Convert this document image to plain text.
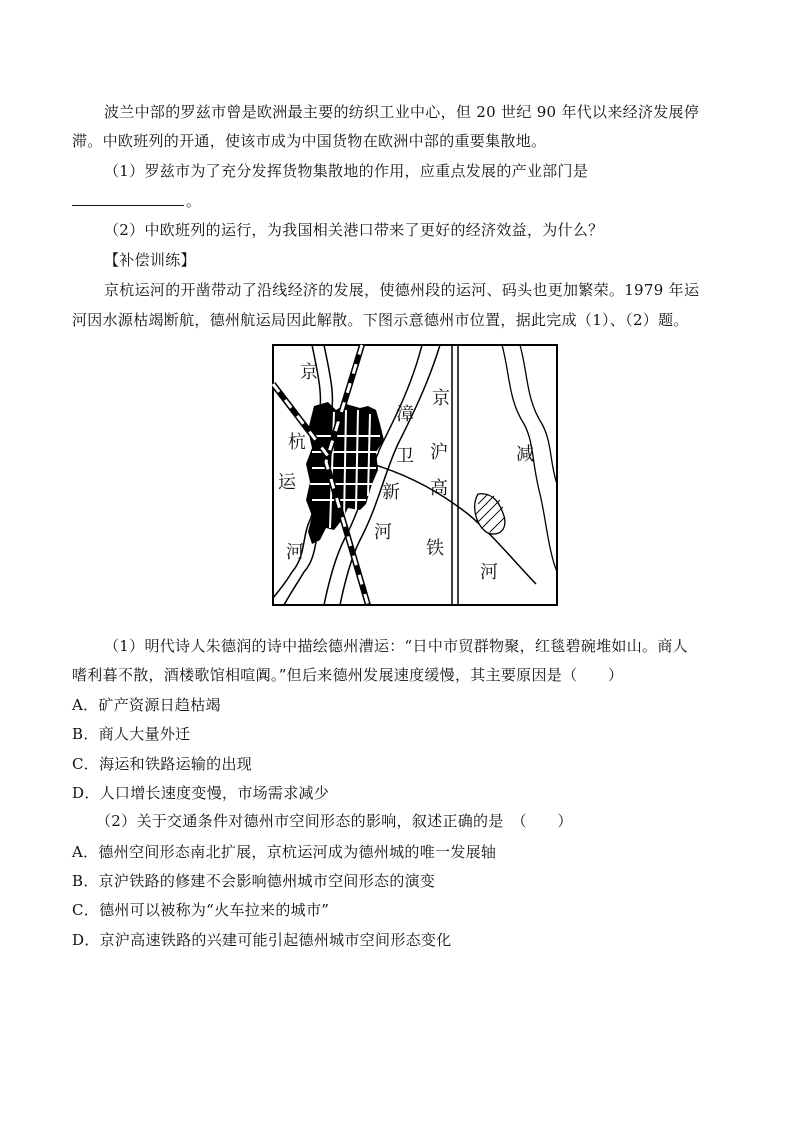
波兰中部的罗兹市曾是欧洲最主要的纺织工业中心，但 20 世纪 90 年代以来经济发展停
滞。中欧班列的开通，使该市成为中国货物在欧洲中部的重要集散地。
（1）罗兹市为了充分发挥货物集散地的作用，应重点发展的产业部门是
。
（2）中欧班列的运行，为我国相关港口带来了更好的经济效益，为什么？
【补偿训练】
京杭运河的开凿带动了沿线经济的发展，使德州段的运河、码头也更加繁荣。1979 年运
河因水源枯竭断航，德州航运局因此解散。下图示意德州市位置，据此完成（1）、（2）题。
京
杭
运
河
京
漳
沪
卫
高
新
河
铁
减
河
（1）明代诗人朱德润的诗中描绘德州漕运：“日中市贸群物聚，红毯碧碗堆如山。商人
嗜利暮不散，酒楼歌馆相喧阗。”但后来德州发展速度缓慢，其主要原因是（　　）
A．矿产资源日趋枯竭
B．商人大量外迁
C．海运和铁路运输的出现
D．人口增长速度变慢，市场需求减少
（2）关于交通条件对德州市空间形态的影响，叙述正确的是　（　　）
A．德州空间形态南北扩展，京杭运河成为德州城的唯一发展轴
B．京沪铁路的修建不会影响德州城市空间形态的演变
C．德州可以被称为“火车拉来的城市”
D．京沪高速铁路的兴建可能引起德州城市空间形态变化
